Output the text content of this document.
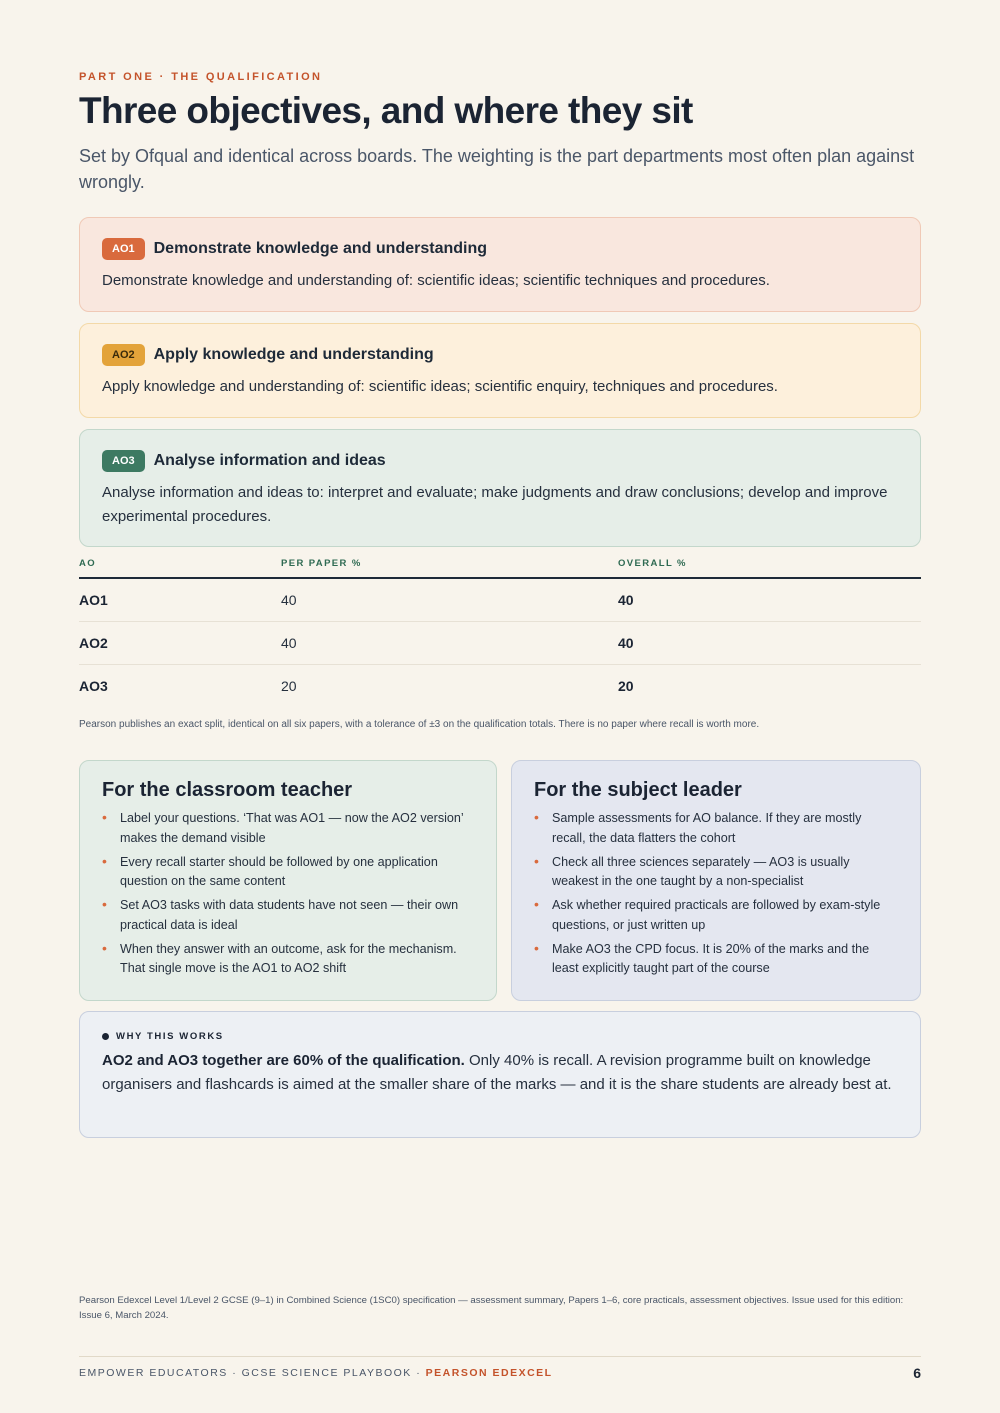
PART ONE · THE QUALIFICATION
Three objectives, and where they sit

Set by Ofqual and identical across boards. The weighting is the part departments most often plan against wrongly.

AO1	Demonstrate knowledge and understanding

Demonstrate knowledge and understanding of: scientific ideas; scientific techniques and procedures.

AO2	Apply knowledge and understanding

Apply knowledge and understanding of: scientific ideas; scientific enquiry, techniques and procedures.

AO3	Analyse information and ideas

Analyse information and ideas to: interpret and evaluate; make judgments and draw conclusions; develop and improve experimental procedures.

AO	PER PAPER %	OVERALL %
AO1	40	40
AO2	40	40
AO3	20	20

Pearson publishes an exact split, identical on all six papers, with a tolerance of ±3 on the qualification totals. There is no paper where recall is worth more.

For the classroom teacher
• Label your questions. ‘That was AO1 — now the AO2 version’ makes the demand visible
• Every recall starter should be followed by one application question on the same content
• Set AO3 tasks with data students have not seen — their own practical data is ideal
• When they answer with an outcome, ask for the mechanism. That single move is the AO1 to AO2 shift
For the subject leader
• Sample assessments for AO balance. If they are mostly recall, the data flatters the cohort
• Check all three sciences separately — AO3 is usually weakest in the one taught by a non-specialist
• Ask whether required practicals are followed by exam-style questions, or just written up
• Make AO3 the CPD focus. It is 20% of the marks and the least explicitly taught part of the course
WHY THIS WORKS

AO2 and AO3 together are 60% of the qualification. Only 40% is recall. A revision programme built on knowledge organisers and flashcards is aimed at the smaller share of the marks — and it is the share students are already best at.

Pearson Edexcel Level 1/Level 2 GCSE (9–1) in Combined Science (1SC0) specification — assessment summary, Papers 1–6, core practicals, assessment objectives. Issue used for this edition: Issue 6, March 2024.

EMPOWER EDUCATORS · GCSE SCIENCE PLAYBOOK · PEARSON EDEXCEL	6
